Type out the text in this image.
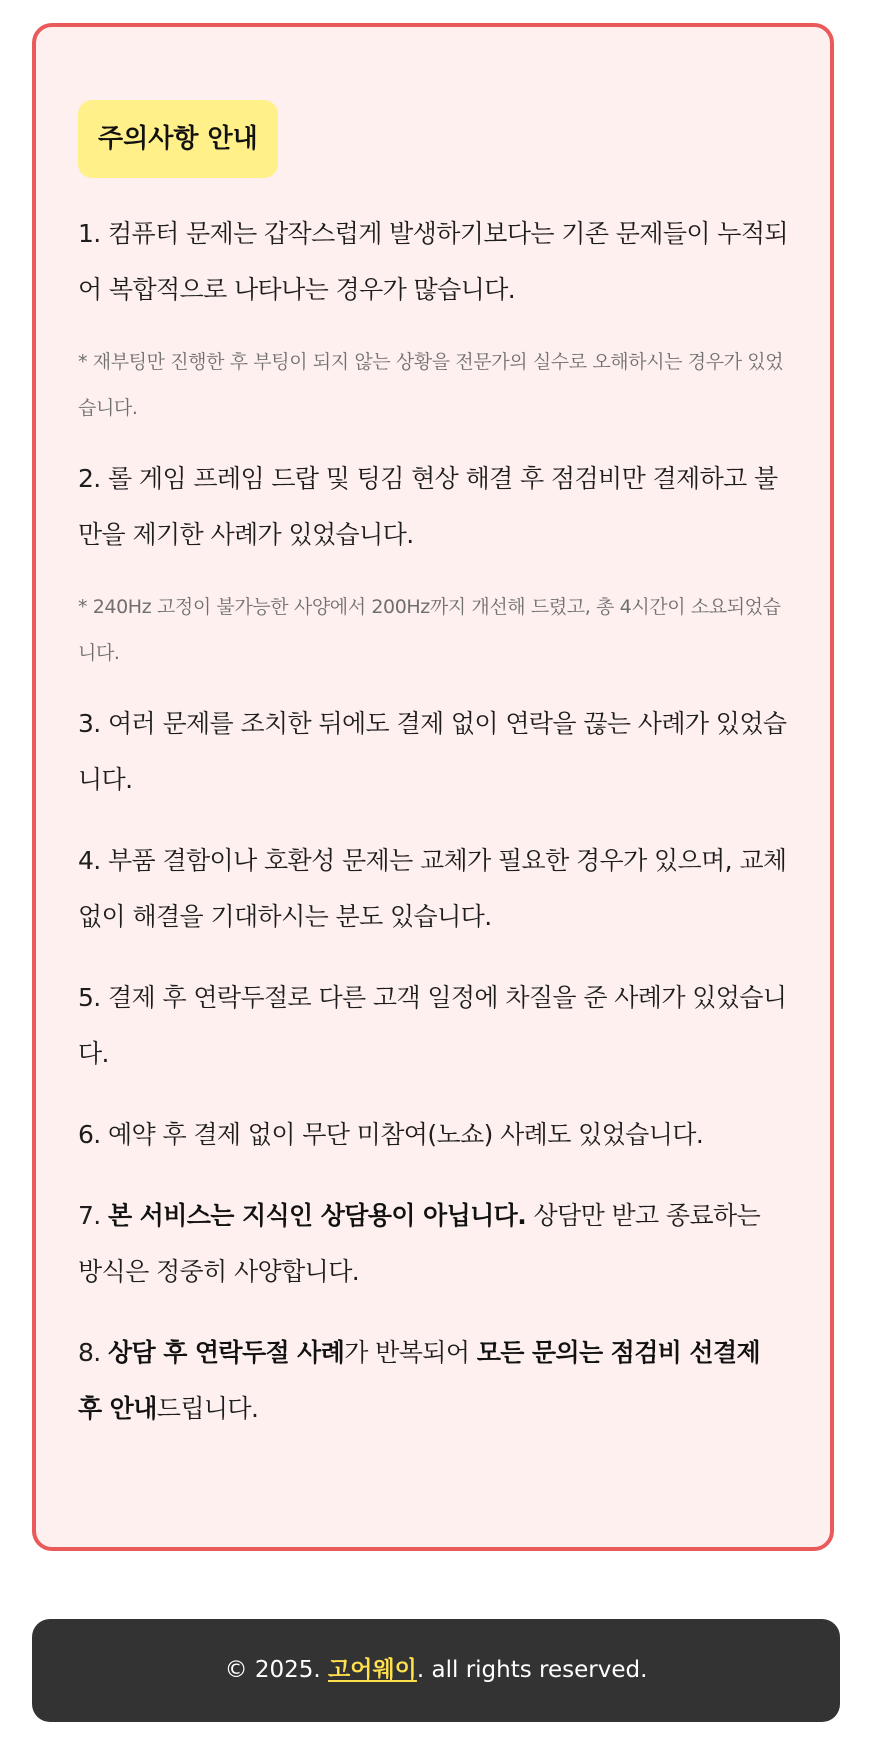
주의사항 안내

1. 컴퓨터 문제는 갑작스럽게 발생하기보다는 기존 문제들이 누적되어 복합적으로 나타나는 경우가 많습니다.

* 재부팅만 진행한 후 부팅이 되지 않는 상황을 전문가의 실수로 오해하시는 경우가 있었습니다.

2. 롤 게임 프레임 드랍 및 팅김 현상 해결 후 점검비만 결제하고 불만을 제기한 사례가 있었습니다.

* 240Hz 고정이 불가능한 사양에서 200Hz까지 개선해 드렸고, 총 4시간이 소요되었습니다.

3. 여러 문제를 조치한 뒤에도 결제 없이 연락을 끊는 사례가 있었습니다.

4. 부품 결함이나 호환성 문제는 교체가 필요한 경우가 있으며, 교체 없이 해결을 기대하시는 분도 있습니다.

5. 결제 후 연락두절로 다른 고객 일정에 차질을 준 사례가 있었습니다.

6. 예약 후 결제 없이 무단 미참여(노쇼) 사례도 있었습니다.

7. 본 서비스는 지식인 상담용이 아닙니다. 상담만 받고 종료하는 방식은 정중히 사양합니다.

8. 상담 후 연락두절 사례가 반복되어 모든 문의는 점검비 선결제 후 안내드립니다.

© 2025. 고어웨이. all rights reserved.
